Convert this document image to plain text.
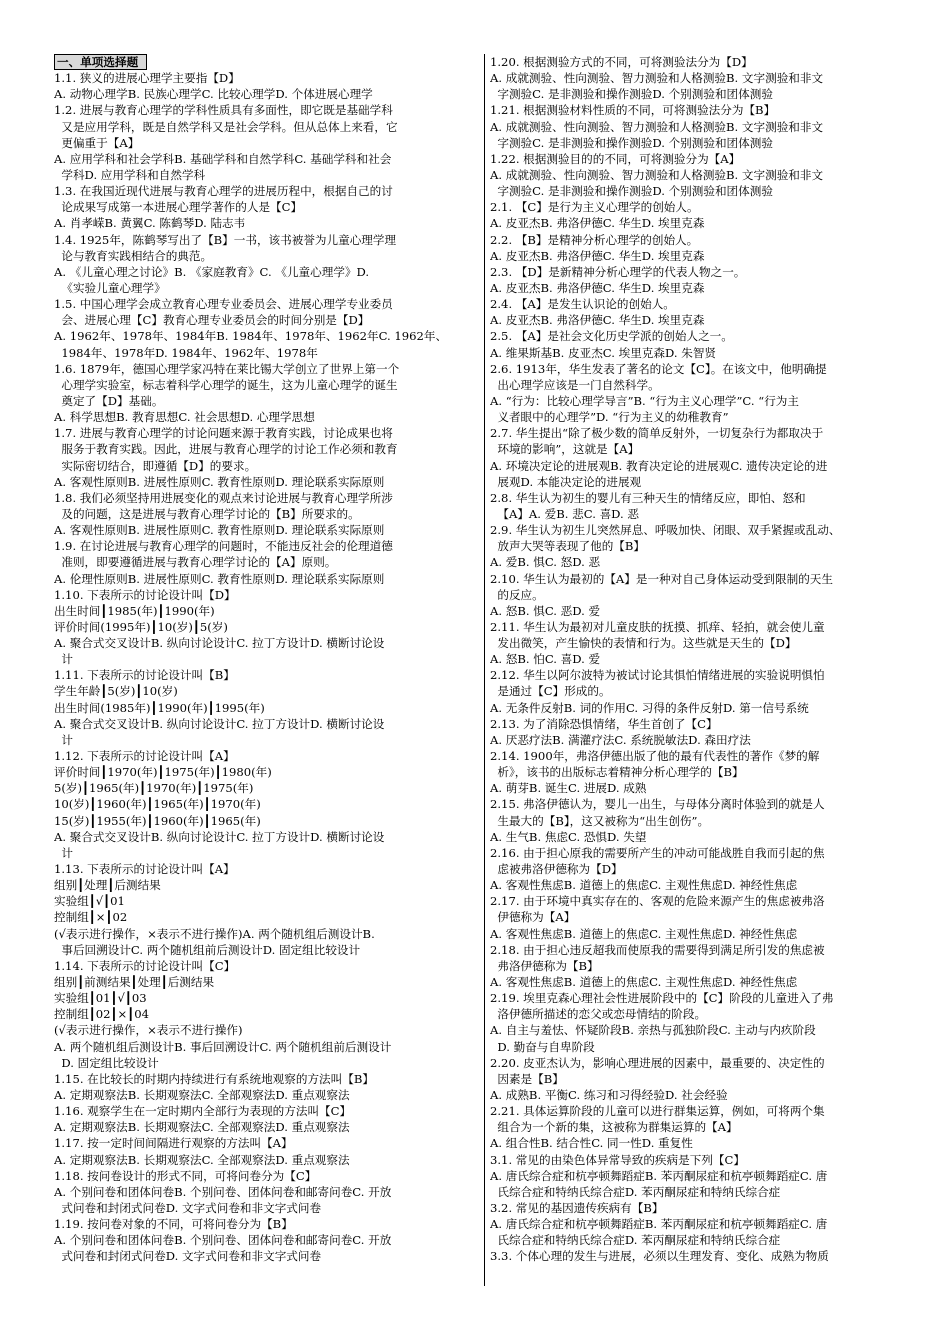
一、单项选择题
1.1. 狭义的进展心理学主要指【D】
A. 动物心理学B. 民族心理学C. 比较心理学D. 个体进展心理学
1.2. 进展与教育心理学的学科性质具有多面性，即它既是基础学科
又是应用学科，既是自然学科又是社会学科。但从总体上来看，它
更偏重于【A】
A. 应用学科和社会学科B. 基础学科和自然学科C. 基础学科和社会
学科D. 应用学科和自然学科
1.3. 在我国近现代进展与教育心理学的进展历程中，根据自己的讨
论成果写成第一本进展心理学著作的人是【C】
A. 肖孝嵘B. 黄翼C. 陈鹤琴D. 陆志韦
1.4. 1925年，陈鹤琴写出了【B】一书，该书被誉为儿童心理学理
论与教育实践相结合的典范。
A. 《儿童心理之讨论》B. 《家庭教育》C. 《儿童心理学》D.
《实验儿童心理学》
1.5. 中国心理学会成立教育心理专业委员会、进展心理学专业委员
会、进展心理【C】教育心理专业委员会的时间分别是【D】
A. 1962年、1978年、1984年B. 1984年、1978年、1962年C. 1962年、
1984年、1978年D. 1984年、1962年、1978年
1.6. 1879年，德国心理学家冯特在莱比锡大学创立了世界上第一个
心理学实验室，标志着科学心理学的诞生，这为儿童心理学的诞生
奠定了【D】基础。
A. 科学思想B. 教育思想C. 社会思想D. 心理学思想
1.7. 进展与教育心理学的讨论问题来源于教育实践，讨论成果也将
服务于教育实践。因此，进展与教育心理学的讨论工作必须和教育
实际密切结合，即遵循【D】的要求。
A. 客观性原则B. 进展性原则C. 教育性原则D. 理论联系实际原则
1.8. 我们必须坚持用进展变化的观点来讨论进展与教育心理学所涉
及的问题，这是进展与教育心理学讨论的【B】所要求的。
A. 客观性原则B. 进展性原则C. 教育性原则D. 理论联系实际原则
1.9. 在讨论进展与教育心理学的问题时，不能违反社会的伦理道德
准则，即要遵循进展与教育心理学讨论的【A】原则。
A. 伦理性原则B. 进展性原则C. 教育性原则D. 理论联系实际原则
1.10. 下表所示的讨论设计叫【D】
出生时间┃1985(年)┃1990(年)
评价时间(1995年)┃10(岁)┃5(岁)
A. 聚合式交叉设计B. 纵向讨论设计C. 拉丁方设计D. 横断讨论设
计
1.11. 下表所示的讨论设计叫【B】
学生年龄┃5(岁)┃10(岁)
出生时间(1985年)┃1990(年)┃1995(年)
A. 聚合式交叉设计B. 纵向讨论设计C. 拉丁方设计D. 横断讨论设
计
1.12. 下表所示的讨论设计叫【A】
评价时间┃1970(年)┃1975(年)┃1980(年)
5(岁)┃1965(年)┃1970(年)┃1975(年)
10(岁)┃1960(年)┃1965(年)┃1970(年)
15(岁)┃1955(年)┃1960(年)┃1965(年)
A. 聚合式交叉设计B. 纵向讨论设计C. 拉丁方设计D. 横断讨论设
计
1.13. 下表所示的讨论设计叫【A】
组别┃处理┃后测结果
实验组┃√┃01
控制组┃×┃02
(√表示进行操作，×表示不进行操作)A. 两个随机组后测设计B.
事后回溯设计C. 两个随机组前后测设计D. 固定组比较设计
1.14. 下表所示的讨论设计叫【C】
组别┃前测结果┃处理┃后测结果
实验组┃01┃√┃03
控制组┃02┃×┃04
(√表示进行操作，×表示不进行操作)
A. 两个随机组后测设计B. 事后回溯设计C. 两个随机组前后测设计
D. 固定组比较设计
1.15. 在比较长的时期内持续进行有系统地观察的方法叫【B】
A. 定期观察法B. 长期观察法C. 全部观察法D. 重点观察法
1.16. 观察学生在一定时期内全部行为表现的方法叫【C】
A. 定期观察法B. 长期观察法C. 全部观察法D. 重点观察法
1.17. 按一定时间间隔进行观察的方法叫【A】
A. 定期观察法B. 长期观察法C. 全部观察法D. 重点观察法
1.18. 按问卷设计的形式不同，可将问卷分为【C】
A. 个别问卷和团体问卷B. 个别问卷、团体问卷和邮寄问卷C. 开放
式问卷和封闭式问卷D. 文字式问卷和非文字式问卷
1.19. 按问卷对象的不同，可将问卷分为【B】
A. 个别问卷和团体问卷B. 个别问卷、团体问卷和邮寄问卷C. 开放
式问卷和封闭式问卷D. 文字式问卷和非文字式问卷
1.20. 根据测验方式的不同，可将测验法分为【D】
A. 成就测验、性向测验、智力测验和人格测验B. 文字测验和非文
字测验C. 是非测验和操作测验D. 个别测验和团体测验
1.21. 根据测验材料性质的不同，可将测验法分为【B】
A. 成就测验、性向测验、智力测验和人格测验B. 文字测验和非文
字测验C. 是非测验和操作测验D. 个别测验和团体测验
1.22. 根据测验目的的不同，可将测验分为【A】
A. 成就测验、性向测验、智力测验和人格测验B. 文字测验和非文
字测验C. 是非测验和操作测验D. 个别测验和团体测验
2.1. 【C】是行为主义心理学的创始人。
A. 皮亚杰B. 弗洛伊德C. 华生D. 埃里克森
2.2. 【B】是精神分析心理学的创始人。
A. 皮亚杰B. 弗洛伊德C. 华生D. 埃里克森
2.3. 【D】是新精神分析心理学的代表人物之一。
A. 皮亚杰B. 弗洛伊德C. 华生D. 埃里克森
2.4. 【A】是发生认识论的创始人。
A. 皮亚杰B. 弗洛伊德C. 华生D. 埃里克森
2.5. 【A】是社会文化历史学派的创始人之一。
A. 维果斯基B. 皮亚杰C. 埃里克森D. 朱智贤
2.6. 1913年，华生发表了著名的论文【C】。在该文中，他明确提
出心理学应该是一门自然科学。
A. “行为：比较心理学导言”B. “行为主义心理学”C. “行为主
义者眼中的心理学”D. “行为主义的幼稚教育”
2.7. 华生提出“除了极少数的简单反射外，一切复杂行为都取决于
环境的影响”，这就是【A】
A. 环境决定论的进展观B. 教育决定论的进展观C. 遗传决定论的进
展观D. 本能决定论的进展观
2.8. 华生认为初生的婴儿有三种天生的情绪反应，即怕、怒和
【A】A. 爱B. 悲C. 喜D. 恶
2.9. 华生认为初生儿突然屏息、呼吸加快、闭眼、双手紧握或乱动、
放声大哭等表现了他的【B】
A. 爱B. 惧C. 怒D. 恶
2.10. 华生认为最初的【A】是一种对自己身体运动受到限制的天生
的反应。
A. 怒B. 惧C. 恶D. 爱
2.11. 华生认为最初对儿童皮肤的抚摸、抓痒、轻拍，就会使儿童
发出微笑，产生愉快的表情和行为。这些就是天生的【D】
A. 怒B. 怕C. 喜D. 爱
2.12. 华生以阿尔波特为被试讨论其惧怕情绪进展的实验说明惧怕
是通过【C】形成的。
A. 无条件反射B. 词的作用C. 习得的条件反射D. 第一信号系统
2.13. 为了消除恐惧情绪，华生首创了【C】
A. 厌恶疗法B. 满灌疗法C. 系统脱敏法D. 森田疗法
2.14. 1900年，弗洛伊德出版了他的最有代表性的著作《梦的解
析》，该书的出版标志着精神分析心理学的【B】
A. 萌芽B. 诞生C. 进展D. 成熟
2.15. 弗洛伊德认为，婴儿一出生，与母体分离时体验到的就是人
生最大的【B】，这又被称为“出生创伤”。
A. 生气B. 焦虑C. 恐惧D. 失望
2.16. 由于担心原我的需要所产生的冲动可能战胜自我而引起的焦
虑被弗洛伊德称为【D】
A. 客观性焦虑B. 道德上的焦虑C. 主观性焦虑D. 神经性焦虑
2.17. 由于环境中真实存在的、客观的危险来源产生的焦虑被弗洛
伊德称为【A】
A. 客观性焦虑B. 道德上的焦虑C. 主观性焦虑D. 神经性焦虑
2.18. 由于担心违反超我而使原我的需要得到满足所引发的焦虑被
弗洛伊德称为【B】
A. 客观性焦虑B. 道德上的焦虑C. 主观性焦虑D. 神经性焦虑
2.19. 埃里克森心理社会性进展阶段中的【C】阶段的儿童进入了弗
洛伊德所描述的恋父或恋母情结的阶段。
A. 自主与羞怯、怀疑阶段B. 亲热与孤独阶段C. 主动与内疚阶段
D. 勤奋与自卑阶段
2.20. 皮亚杰认为，影响心理进展的因素中，最重要的、决定性的
因素是【B】
A. 成熟B. 平衡C. 练习和习得经验D. 社会经验
2.21. 具体运算阶段的儿童可以进行群集运算，例如，可将两个集
组合为一个新的集，这被称为群集运算的【A】
A. 组合性B. 结合性C. 同一性D. 重复性
3.1. 常见的由染色体异常导致的疾病是下列【C】
A. 唐氏综合症和杭亭顿舞蹈症B. 苯丙酮尿症和杭亭顿舞蹈症C. 唐
氏综合症和特纳氏综合症D. 苯丙酮尿症和特纳氏综合症
3.2. 常见的基因遗传疾病有【B】
A. 唐氏综合症和杭亭顿舞蹈症B. 苯丙酮尿症和杭亭顿舞蹈症C. 唐
氏综合症和特纳氏综合症D. 苯丙酮尿症和特纳氏综合症
3.3. 个体心理的发生与进展，必须以生理发育、变化、成熟为物质
